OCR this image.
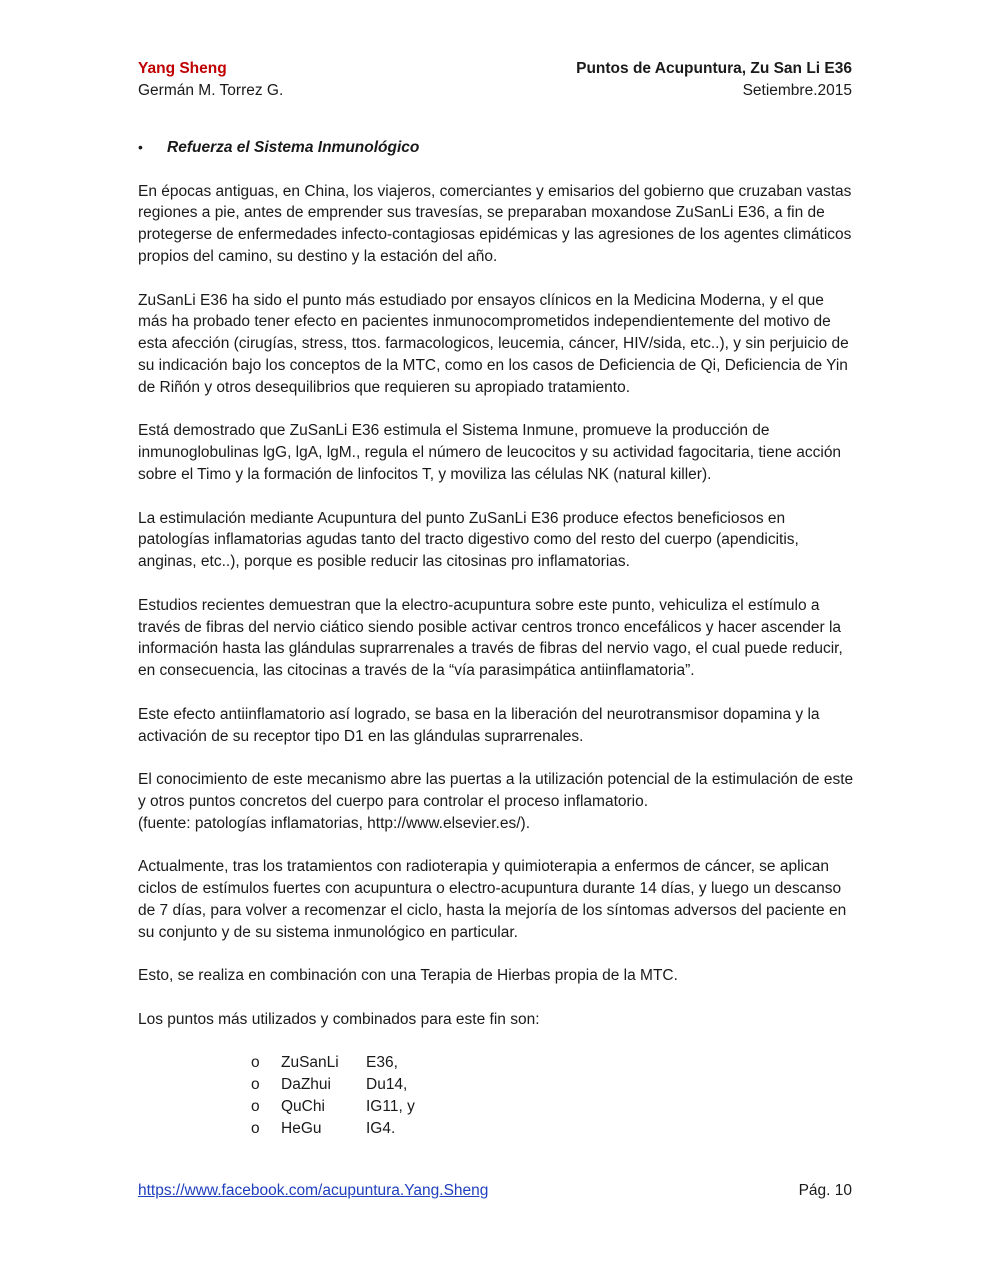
Yang Sheng	Puntos de Acupuntura, Zu San Li E36
Germán M. Torrez G.	Setiembre.2015
•	Refuerza el Sistema Inmunológico

En épocas antiguas, en China, los viajeros, comerciantes y emisarios del gobierno que cruzaban vastas regiones a pie, antes de emprender sus travesías, se preparaban moxandose ZuSanLi E36, a fin de protegerse de enfermedades infecto-contagiosas epidémicas y las agresiones de los agentes climáticos propios del camino, su destino y la estación del año.

ZuSanLi E36 ha sido el punto más estudiado por ensayos clínicos en la Medicina Moderna, y el que más ha probado tener efecto en pacientes inmunocomprometidos independientemente del motivo de esta afección (cirugías, stress, ttos. farmacologicos, leucemia, cáncer, HIV/sida, etc..), y sin perjuicio de su indicación bajo los conceptos de la MTC, como en los casos de Deficiencia de Qi, Deficiencia de Yin de Riñón y otros desequilibrios que requieren su apropiado tratamiento.

Está demostrado que ZuSanLi E36 estimula el Sistema Inmune, promueve la producción de inmunoglobulinas lgG, lgA, lgM., regula el número de leucocitos y su actividad fagocitaria, tiene acción sobre el Timo y la formación de linfocitos T, y moviliza las células NK (natural killer).

La estimulación mediante Acupuntura del punto ZuSanLi E36 produce efectos beneficiosos en patologías inflamatorias agudas tanto del tracto digestivo como del resto del cuerpo (apendicitis, anginas, etc..), porque es posible reducir las citosinas pro inflamatorias.

Estudios recientes demuestran que la electro-acupuntura sobre este punto, vehiculiza el estímulo a través de fibras del nervio ciático siendo posible activar centros tronco encefálicos y hacer ascender la información hasta las glándulas suprarrenales a través de fibras del nervio vago, el cual puede reducir, en consecuencia, las citocinas a través de la “vía parasimpática antiinflamatoria”.

Este efecto antiinflamatorio así logrado, se basa en la liberación del neurotransmisor dopamina y la activación de su receptor tipo D1 en las glándulas suprarrenales.

El conocimiento de este mecanismo abre las puertas a la utilización potencial de la estimulación de este y otros puntos concretos del cuerpo para controlar el proceso inflamatorio.
(fuente: patologías inflamatorias, http://www.elsevier.es/).

Actualmente, tras los tratamientos con radioterapia y quimioterapia a enfermos de cáncer, se aplican ciclos de estímulos fuertes con acupuntura o electro-acupuntura durante 14 días, y luego un descanso de 7 días, para volver a recomenzar el ciclo, hasta la mejoría de los síntomas adversos del paciente en su conjunto y de su sistema inmunológico en particular.

Esto, se realiza en combinación con una Terapia de Hierbas propia de la MTC.

Los puntos más utilizados y combinados para este fin son:

o	ZuSanLi	E36,
o	DaZhui	Du14,
o	QuChi	IG11, y
o	HeGu	IG4.
https://www.facebook.com/acupuntura.Yang.Sheng	Pág. 10
